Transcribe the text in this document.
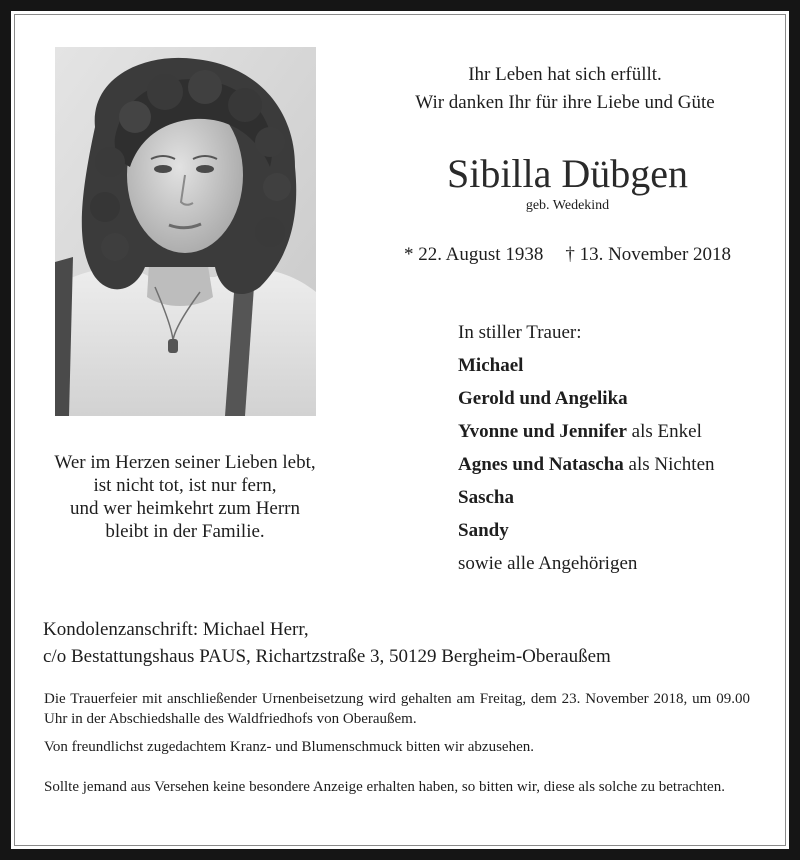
Wer im Herzen seiner Lieben lebt,
ist nicht tot, ist nur fern,
und wer heimkehrt zum Herrn
bleibt in der Familie.
Ihr Leben hat sich erfüllt.
Wir danken Ihr für ihre Liebe und Güte
Sibilla Dübgen
geb. Wedekind
* 22. August 1938 † 13. November 2018
In stiller Trauer:
Michael
Gerold und Angelika
Yvonne und Jennifer als Enkel
Agnes und Natascha als Nichten
Sascha
Sandy
sowie alle Angehörigen
Kondolenzanschrift: Michael Herr,
c/o Bestattungshaus PAUS, Richartzstraße 3, 50129 Bergheim-Oberaußem

Die Trauerfeier mit anschließender Urnenbeisetzung wird gehalten am Freitag, dem 23. November 2018, um 09.00 Uhr in der Abschiedshalle des Waldfriedhofs von Oberaußem.

Von freundlichst zugedachtem Kranz- und Blumenschmuck bitten wir abzusehen.

Sollte jemand aus Versehen keine besondere Anzeige erhalten haben, so bitten wir, diese als solche zu betrachten.
